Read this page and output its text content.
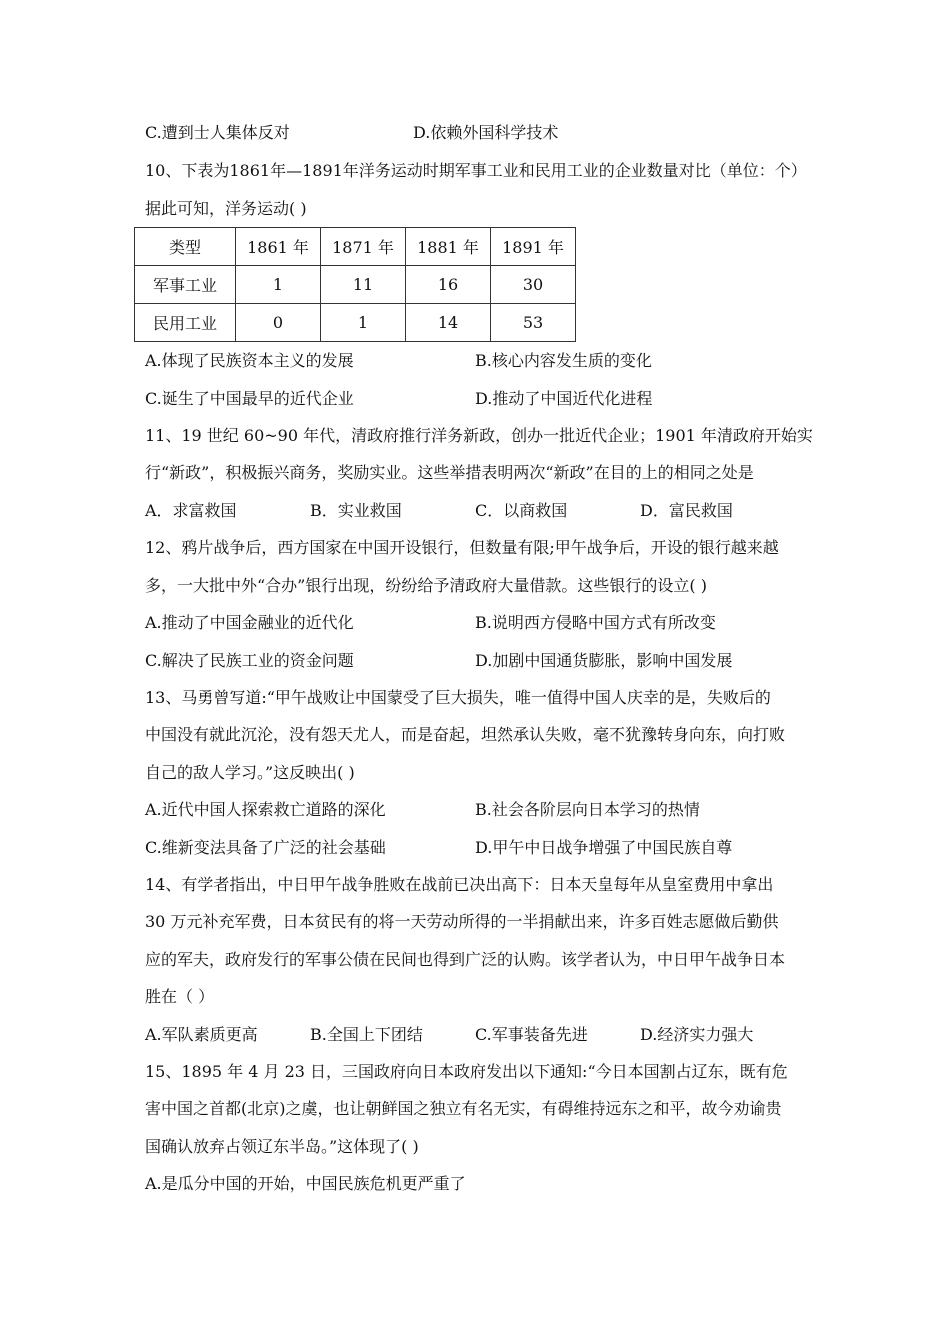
C.遭到士人集体反对	D.依赖外国科学技术
10、下表为1861年—1891年洋务运动时期军事工业和民用工业的企业数量对比（单位：个）
据此可知，洋务运动( )
类型	1861 年	1871 年	1881 年	1891 年
军事工业	1	11	16	30
民用工业	0	1	14	53
A.体现了民族资本主义的发展	B.核心内容发生质的变化
C.诞生了中国最早的近代企业	D.推动了中国近代化进程
11、19 世纪 60~90 年代，清政府推行洋务新政，创办一批近代企业；1901 年清政府开始实
行“新政”，积极振兴商务，奖励实业。这些举措表明两次“新政”在目的上的相同之处是
A．求富救国	B．实业救国	C．以商救国	D．富民救国
12、鸦片战争后，西方国家在中国开设银行，但数量有限;甲午战争后，开设的银行越来越
多，一大批中外“合办”银行出现，纷纷给予清政府大量借款。这些银行的设立( )
A.推动了中国金融业的近代化	B.说明西方侵略中国方式有所改变
C.解决了民族工业的资金问题	D.加剧中国通货膨胀，影响中国发展
13、马勇曾写道:“甲午战败让中国蒙受了巨大损失，唯一值得中国人庆幸的是，失败后的
中国没有就此沉沦，没有怨天尤人，而是奋起，坦然承认失败，毫不犹豫转身向东，向打败
自己的敌人学习。”这反映出( )
A.近代中国人探索救亡道路的深化	B.社会各阶层向日本学习的热情
C.维新变法具备了广泛的社会基础	D.甲午中日战争增强了中国民族自尊
14、有学者指出，中日甲午战争胜败在战前已决出高下：日本天皇每年从皇室费用中拿出
30 万元补充军费，日本贫民有的将一天劳动所得的一半捐献出来，许多百姓志愿做后勤供
应的军夫，政府发行的军事公债在民间也得到广泛的认购。该学者认为，中日甲午战争日本
胜在（ ）
A.军队素质更高	B.全国上下团结	C.军事装备先进	D.经济实力强大
15、1895 年 4 月 23 日，三国政府向日本政府发出以下通知:“今日本国割占辽东，既有危
害中国之首都(北京)之虞，也让朝鲜国之独立有名无实，有碍维持远东之和平，故今劝谕贵
国确认放弃占领辽东半岛。”这体现了( )
A.是瓜分中国的开始，中国民族危机更严重了
